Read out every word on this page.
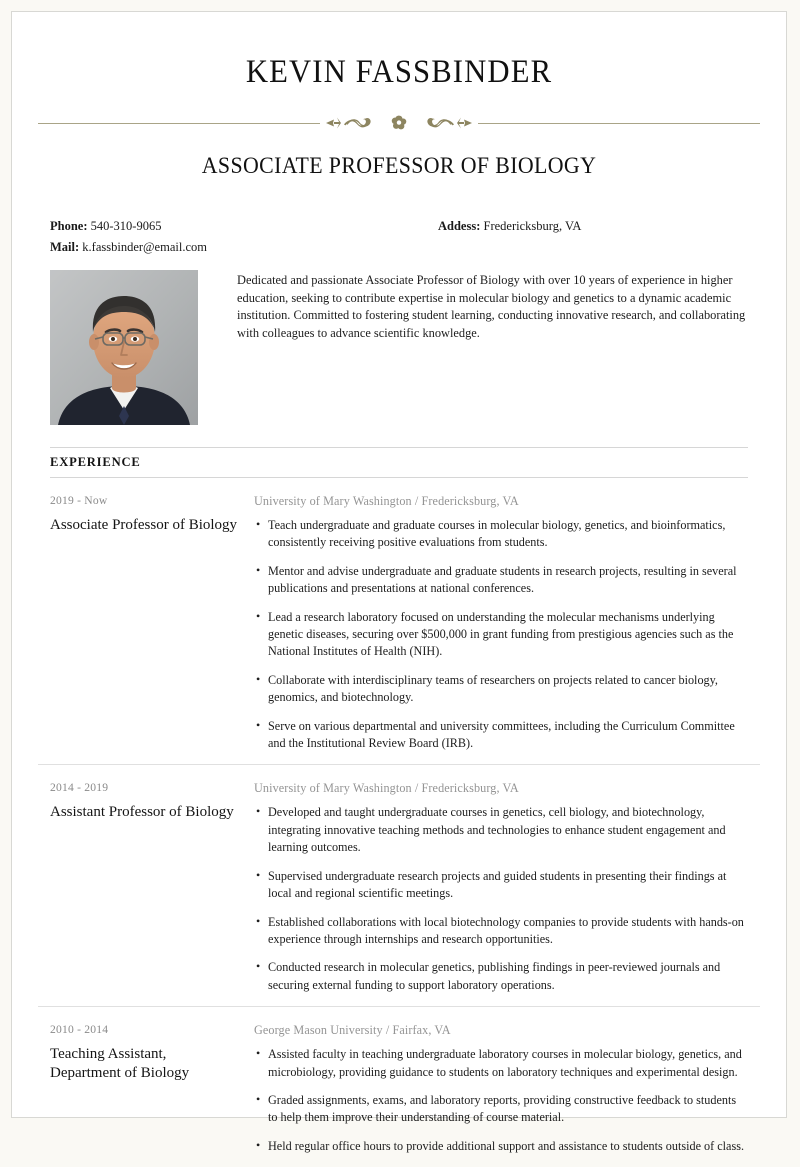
KEVIN FASSBINDER
ASSOCIATE PROFESSOR OF BIOLOGY
Phone: 540-310-9065
Mail: k.fassbinder@email.com
Addess: Fredericksburg, VA
Dedicated and passionate Associate Professor of Biology with over 10 years of experience in higher education, seeking to contribute expertise in molecular biology and genetics to a dynamic academic institution. Committed to fostering student learning, conducting innovative research, and collaborating with colleagues to advance scientific knowledge.
EXPERIENCE
2019 - Now
Associate Professor of Biology
University of Mary Washington / Fredericksburg, VA
• Teach undergraduate and graduate courses in molecular biology, genetics, and bioinformatics, consistently receiving positive evaluations from students.
• Mentor and advise undergraduate and graduate students in research projects, resulting in several publications and presentations at national conferences.
• Lead a research laboratory focused on understanding the molecular mechanisms underlying genetic diseases, securing over $500,000 in grant funding from prestigious agencies such as the National Institutes of Health (NIH).
• Collaborate with interdisciplinary teams of researchers on projects related to cancer biology, genomics, and biotechnology.
• Serve on various departmental and university committees, including the Curriculum Committee and the Institutional Review Board (IRB).
2014 - 2019
Assistant Professor of Biology
University of Mary Washington / Fredericksburg, VA
• Developed and taught undergraduate courses in genetics, cell biology, and biotechnology, integrating innovative teaching methods and technologies to enhance student engagement and learning outcomes.
• Supervised undergraduate research projects and guided students in presenting their findings at local and regional scientific meetings.
• Established collaborations with local biotechnology companies to provide students with hands-on experience through internships and research opportunities.
• Conducted research in molecular genetics, publishing findings in peer-reviewed journals and securing external funding to support laboratory operations.
2010 - 2014
Teaching Assistant, Department of Biology
George Mason University / Fairfax, VA
• Assisted faculty in teaching undergraduate laboratory courses in molecular biology, genetics, and microbiology, providing guidance to students on laboratory techniques and experimental design.
• Graded assignments, exams, and laboratory reports, providing constructive feedback to students to help them improve their understanding of course material.
• Held regular office hours to provide additional support and assistance to students outside of class.
